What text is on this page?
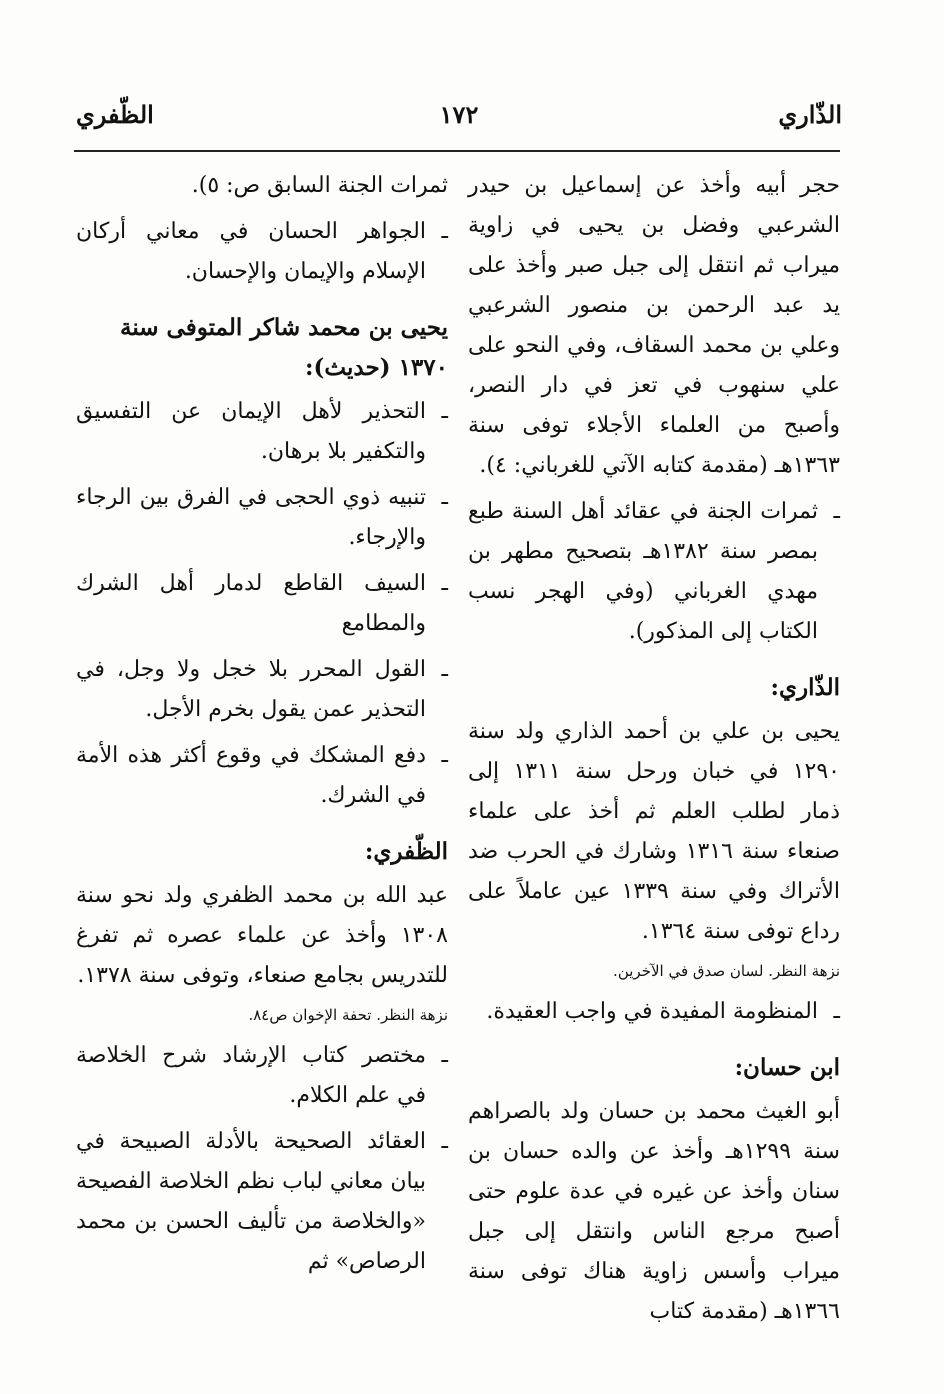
الذّاري
١٧٢
الظّفري

حجر أبيه وأخذ عن إسماعيل بن حيدر الشرعبي وفضل بن يحيى في زاوية ميراب ثم انتقل إلى جبل صبر وأخذ على يد عبد الرحمن بن منصور الشرعبي وعلي بن محمد السقاف، وفي النحو على علي سنهوب في تعز في دار النصر، وأصبح من العلماء الأجلاء توفى سنة ١٣٦٣هـ (مقدمة كتابه الآتي للغرباني: ٤).

ـ ثمرات الجنة في عقائد أهل السنة طبع بمصر سنة ١٣٨٢هـ بتصحيح مطهر بن مهدي الغرباني (وفي الهجر نسب الكتاب إلى المذكور).

الذّاري:

يحيى بن علي بن أحمد الذاري ولد سنة ١٢٩٠ في خبان ورحل سنة ١٣١١ إلى ذمار لطلب العلم ثم أخذ على علماء صنعاء سنة ١٣١٦ وشارك في الحرب ضد الأتراك وفي سنة ١٣٣٩ عين عاملاً على رداع توفى سنة ١٣٦٤.

نزهة النظر. لسان صدق في الآخرين.

ـ المنظومة المفيدة في واجب العقيدة.

ابن حسان:

أبو الغيث محمد بن حسان ولد بالصراهم سنة ١٢٩٩هـ وأخذ عن والده حسان بن سنان وأخذ عن غيره في عدة علوم حتى أصبح مرجع الناس وانتقل إلى جبل ميراب وأسس زاوية هناك توفى سنة ١٣٦٦هـ (مقدمة كتاب

ثمرات الجنة السابق ص: ٥).

ـ الجواهر الحسان في معاني أركان الإسلام والإيمان والإحسان.

يحيى بن محمد شاكر المتوفى سنة ١٣٧٠ (حديث):

ـ التحذير لأهل الإيمان عن التفسيق والتكفير بلا برهان.

ـ تنبيه ذوي الحجى في الفرق بين الرجاء والإرجاء.

ـ السيف القاطع لدمار أهل الشرك والمطامع

ـ القول المحرر بلا خجل ولا وجل، في التحذير عمن يقول بخرم الأجل.

ـ دفع المشكك في وقوع أكثر هذه الأمة في الشرك.

الظّفري:

عبد الله بن محمد الظفري ولد نحو سنة ١٣٠٨ وأخذ عن علماء عصره ثم تفرغ للتدريس بجامع صنعاء، وتوفى سنة ١٣٧٨.

نزهة النظر. تحفة الإخوان ص٨٤.

ـ مختصر كتاب الإرشاد شرح الخلاصة في علم الكلام.

ـ العقائد الصحيحة بالأدلة الصبيحة في بيان معاني لباب نظم الخلاصة الفصيحة «والخلاصة من تأليف الحسن بن محمد الرصاص» ثم
